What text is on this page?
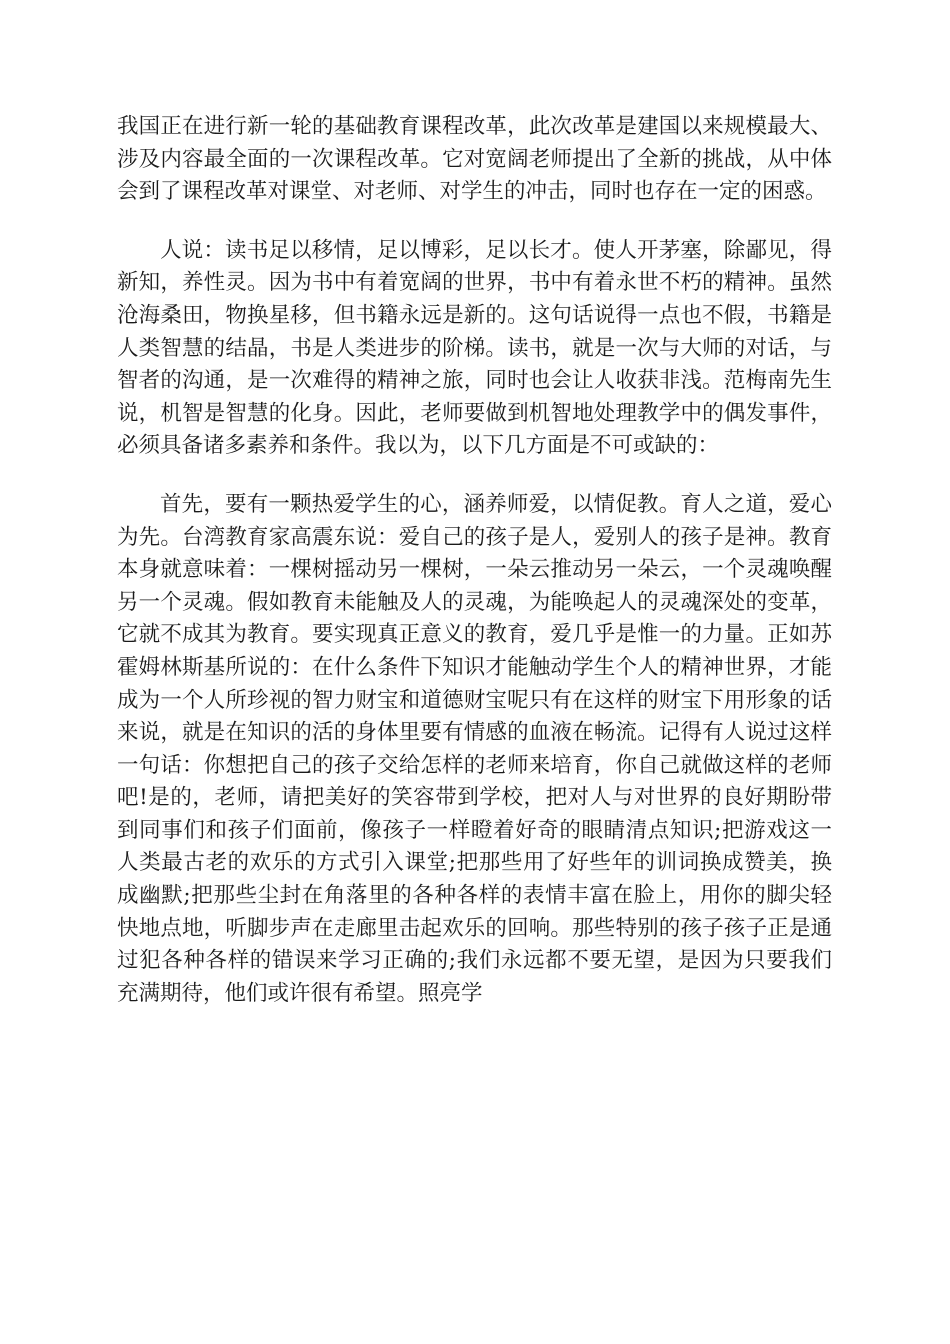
我国正在进行新一轮的基础教育课程改革，此次改革是建国以来规模最大、涉及内容最全面的一次课程改革。它对宽阔老师提出了全新的挑战，从中体会到了课程改革对课堂、对老师、对学生的冲击，同时也存在一定的困惑。

人说：读书足以移情，足以博彩，足以长才。使人开茅塞，除鄙见，得新知，养性灵。因为书中有着宽阔的世界，书中有着永世不朽的精神。虽然沧海桑田，物换星移，但书籍永远是新的。这句话说得一点也不假，书籍是人类智慧的结晶，书是人类进步的阶梯。读书，就是一次与大师的对话，与智者的沟通，是一次难得的精神之旅，同时也会让人收获非浅。范梅南先生说，机智是智慧的化身。因此，老师要做到机智地处理教学中的偶发事件，必须具备诸多素养和条件。我以为，以下几方面是不可或缺的：

首先，要有一颗热爱学生的心，涵养师爱，以情促教。育人之道，爱心为先。台湾教育家高震东说：爱自己的孩子是人，爱别人的孩子是神。教育本身就意味着：一棵树摇动另一棵树，一朵云推动另一朵云，一个灵魂唤醒另一个灵魂。假如教育未能触及人的灵魂，为能唤起人的灵魂深处的变革，它就不成其为教育。要实现真正意义的教育，爱几乎是惟一的力量。正如苏霍姆林斯基所说的：在什么条件下知识才能触动学生个人的精神世界，才能成为一个人所珍视的智力财宝和道德财宝呢只有在这样的财宝下用形象的话来说，就是在知识的活的身体里要有情感的血液在畅流。记得有人说过这样一句话：你想把自己的孩子交给怎样的老师来培育，你自己就做这样的老师吧!是的，老师，请把美好的笑容带到学校，把对人与对世界的良好期盼带到同事们和孩子们面前，像孩子一样瞪着好奇的眼睛清点知识;把游戏这一人类最古老的欢乐的方式引入课堂;把那些用了好些年的训词换成赞美，换成幽默;把那些尘封在角落里的各种各样的表情丰富在脸上，用你的脚尖轻快地点地，听脚步声在走廊里击起欢乐的回响。那些特别的孩子孩子正是通过犯各种各样的错误来学习正确的;我们永远都不要无望，是因为只要我们充满期待，他们或许很有希望。照亮学
